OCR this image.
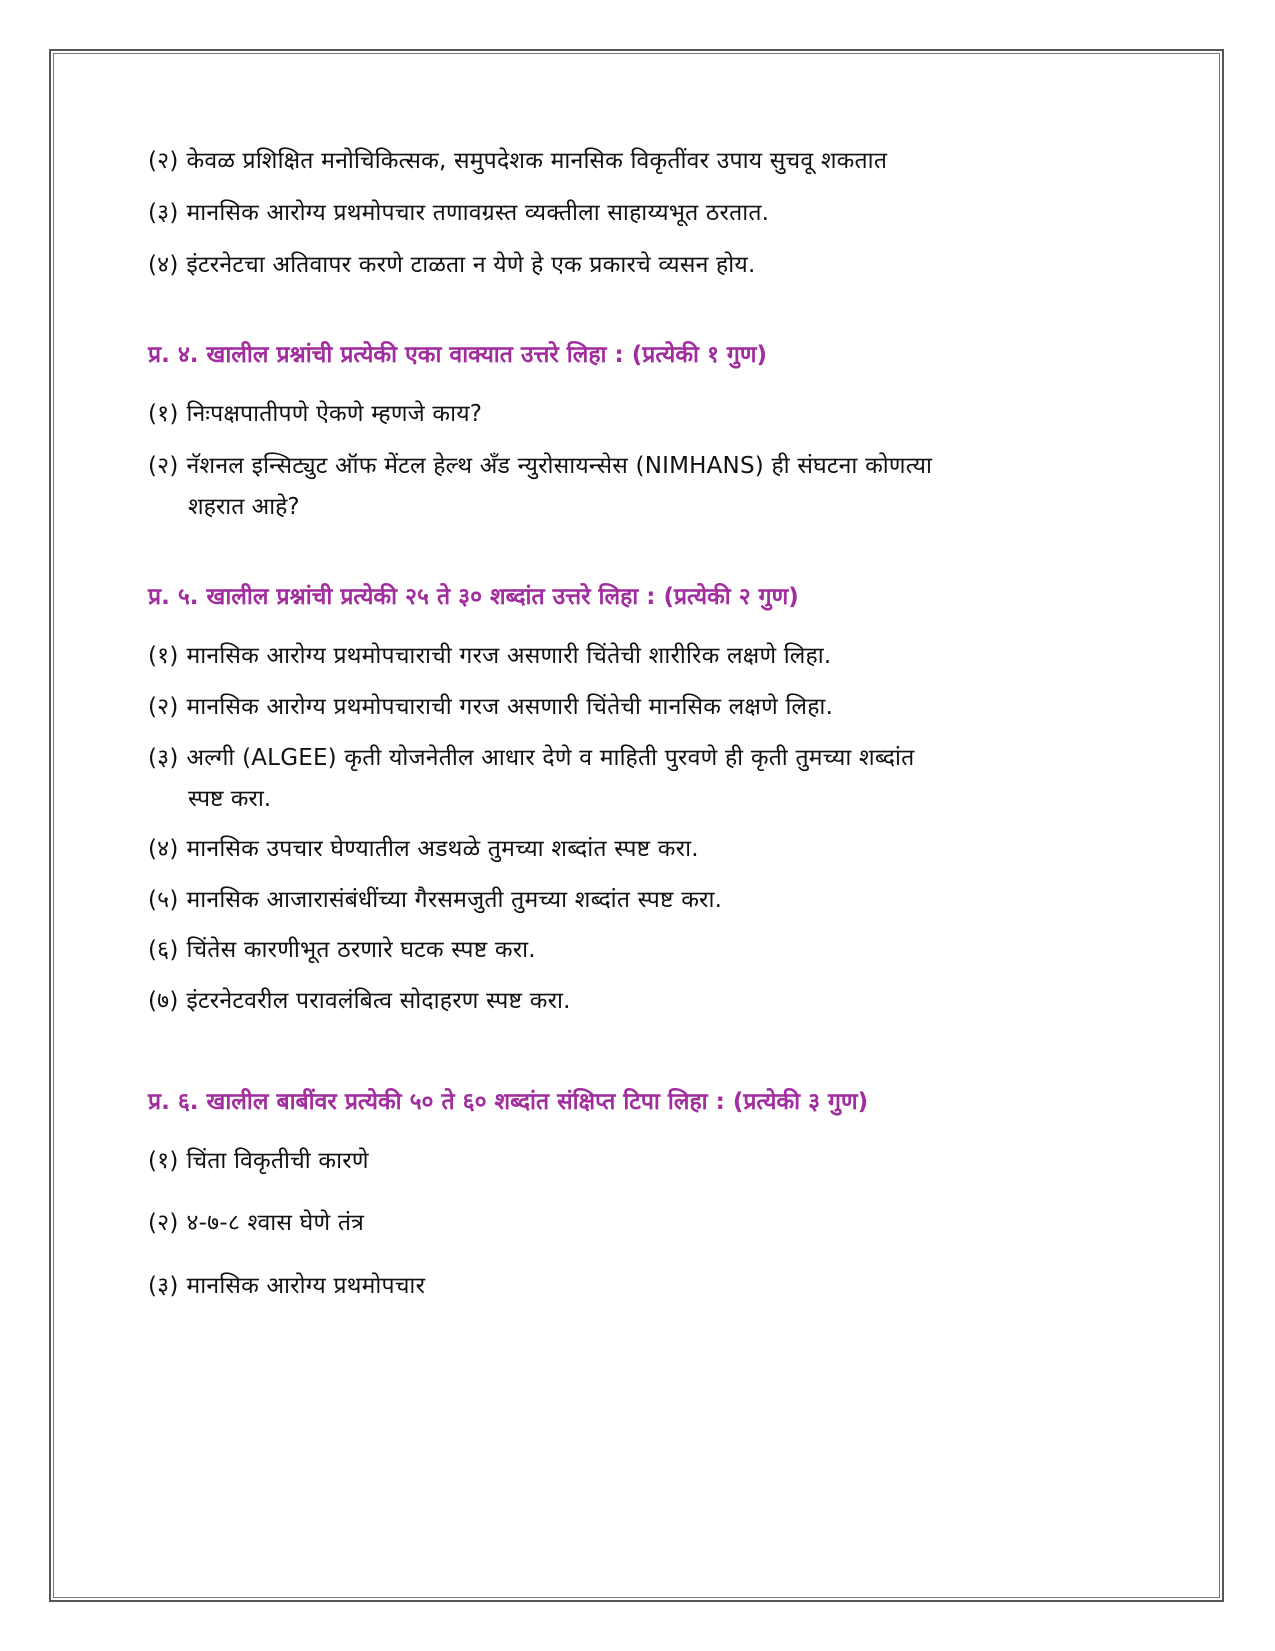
(२) केवळ प्रशिक्षित मनोचिकित्सक, समुपदेशक मानसिक विकृतींवर उपाय सुचवू शकतात
(३) मानसिक आरोग्य प्रथमोपचार तणावग्रस्त व्यक्तीला साहाय्यभूत ठरतात.
(४) इंटरनेटचा अतिवापर करणे टाळता न येणे हे एक प्रकारचे व्यसन होय.
प्र. ४. खालील प्रश्नांची प्रत्येकी एका वाक्यात उत्तरे लिहा : (प्रत्येकी १ गुण)
(१) निःपक्षपातीपणे ऐकणे म्हणजे काय?
(२) नॅशनल इन्सिट्युट ऑफ मेंटल हेल्थ अँड न्युरोसायन्सेस (NIMHANS) ही संघटना कोणत्या
शहरात आहे?
प्र. ५. खालील प्रश्नांची प्रत्येकी २५ ते ३० शब्दांत उत्तरे लिहा : (प्रत्येकी २ गुण)
(१) मानसिक आरोग्य प्रथमोपचाराची गरज असणारी चिंतेची शारीरिक लक्षणे लिहा.
(२) मानसिक आरोग्य प्रथमोपचाराची गरज असणारी चिंतेची मानसिक लक्षणे लिहा.
(३) अल्गी (ALGEE) कृती योजनेतील आधार देणे व माहिती पुरवणे ही कृती तुमच्या शब्दांत
स्पष्ट करा.
(४) मानसिक उपचार घेण्यातील अडथळे तुमच्या शब्दांत स्पष्ट करा.
(५) मानसिक आजारासंबंधींच्या गैरसमजुती तुमच्या शब्दांत स्पष्ट करा.
(६) चिंतेस कारणीभूत ठरणारे घटक स्पष्ट करा.
(७) इंटरनेटवरील परावलंबित्व सोदाहरण स्पष्ट करा.
प्र. ६. खालील बाबींवर प्रत्येकी ५० ते ६० शब्दांत संक्षिप्त टिपा लिहा : (प्रत्येकी ३ गुण)
(१) चिंता विकृतीची कारणे
(२) ४-७-८ श्वास घेणे तंत्र
(३) मानसिक आरोग्य प्रथमोपचार
